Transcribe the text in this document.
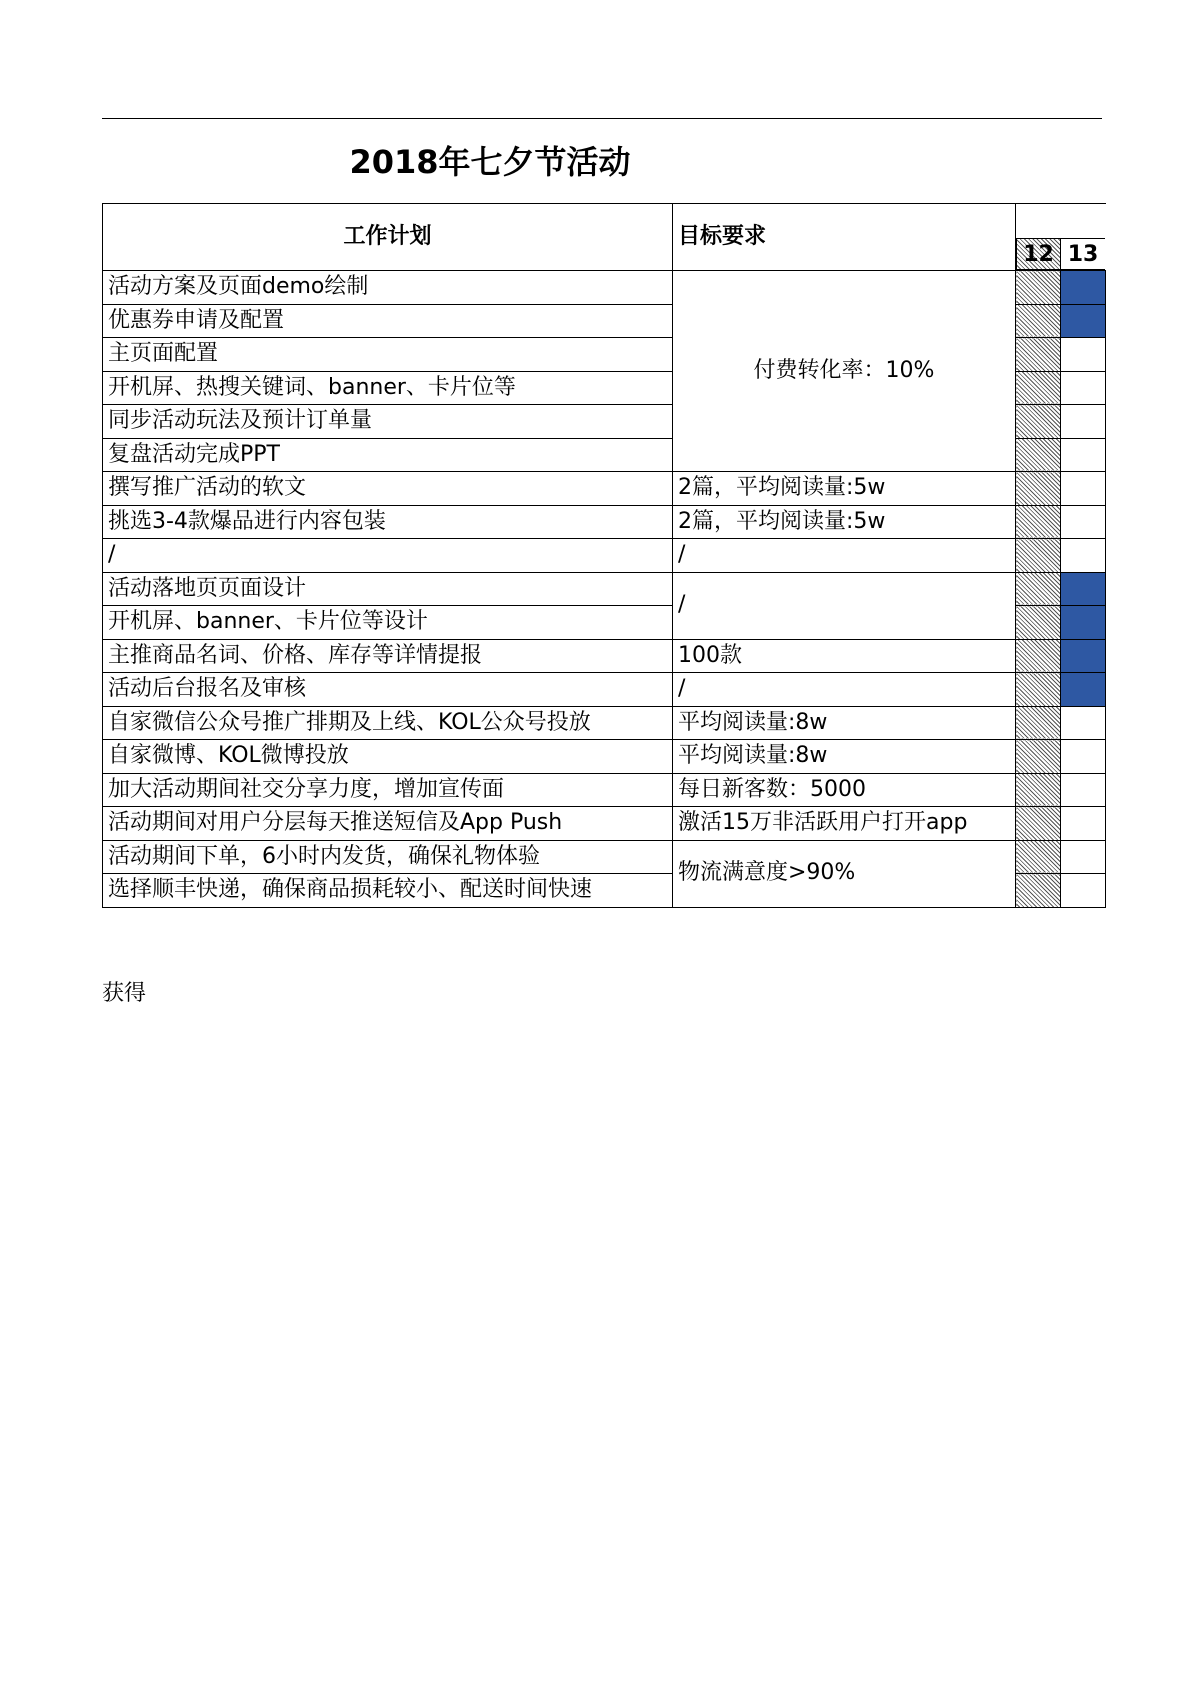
2018年七夕节活动
工作计划	目标要求	12 13	

活动方案及页面demo绘制	付费转化率：10%		
优惠券申请及配置			
主页面配置			
开机屏、热搜关键词、banner、卡片位等			
同步活动玩法及预计订单量			
复盘活动完成PPT			
撰写推广活动的软文	2篇，平均阅读量:5w		
挑选3-4款爆品进行内容包装	2篇，平均阅读量:5w		
/	/		
活动落地页页面设计	/		
开机屏、banner、卡片位等设计			
主推商品名词、价格、库存等详情提报	100款		
活动后台报名及审核	/		
自家微信公众号推广排期及上线、KOL公众号投放	平均阅读量:8w		
自家微博、KOL微博投放	平均阅读量:8w		
加大活动期间社交分享力度，增加宣传面	每日新客数：5000		
活动期间对用户分层每天推送短信及App Push	激活15万非活跃用户打开app		
活动期间下单，6小时内发货，确保礼物体验	物流满意度>90%		
选择顺丰快递，确保商品损耗较小、配送时间快速			
获得
